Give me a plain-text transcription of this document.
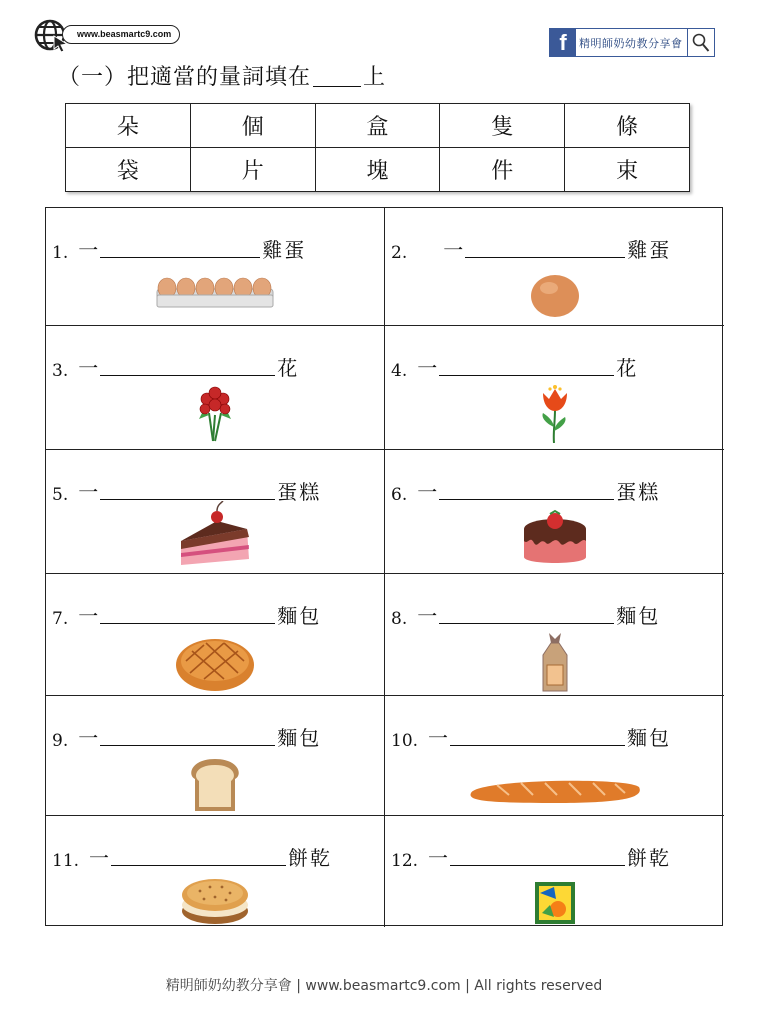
www.beasmartc9.com	f	精明師奶幼教分享會
（一）把適當的量詞填在 上
朵	個	盒	隻	條
袋	片	塊	件	束
1. 一	雞蛋	2. 一	雞蛋
3. 一	花	4. 一	花
5. 一	蛋糕	6. 一	蛋糕
7. 一	麵包	8. 一	麵包
9. 一	麵包	10. 一	麵包
11. 一	餅乾	12. 一	餅乾
精明師奶幼教分享會 | www.beasmartc9.com | All rights reserved
